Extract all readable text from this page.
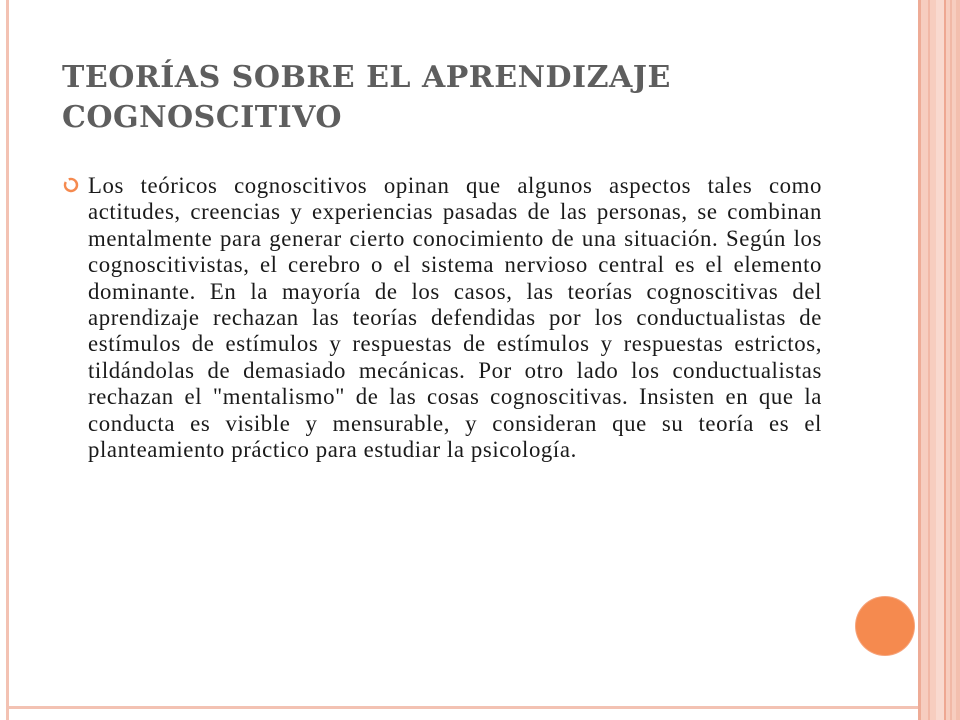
TEORÍAS SOBRE EL APRENDIZAJE COGNOSCITIVO
Los teóricos cognoscitivos opinan que algunos aspectos tales como actitudes, creencias y experiencias pasadas de las personas, se combinan mentalmente para generar cierto conocimiento de una situación. Según los cognoscitivistas, el cerebro o el sistema nervioso central es el elemento dominante. En la mayoría de los casos, las teorías cognoscitivas del aprendizaje rechazan las teorías defendidas por los conductualistas de estímulos de estímulos y respuestas de estímulos y respuestas estrictos, tildándolas de demasiado mecánicas. Por otro lado los conductualistas rechazan el "mentalismo" de las cosas cognoscitivas. Insisten en que la conducta es visible y mensurable, y consideran que su teoría es el planteamiento práctico para estudiar la psicología.
